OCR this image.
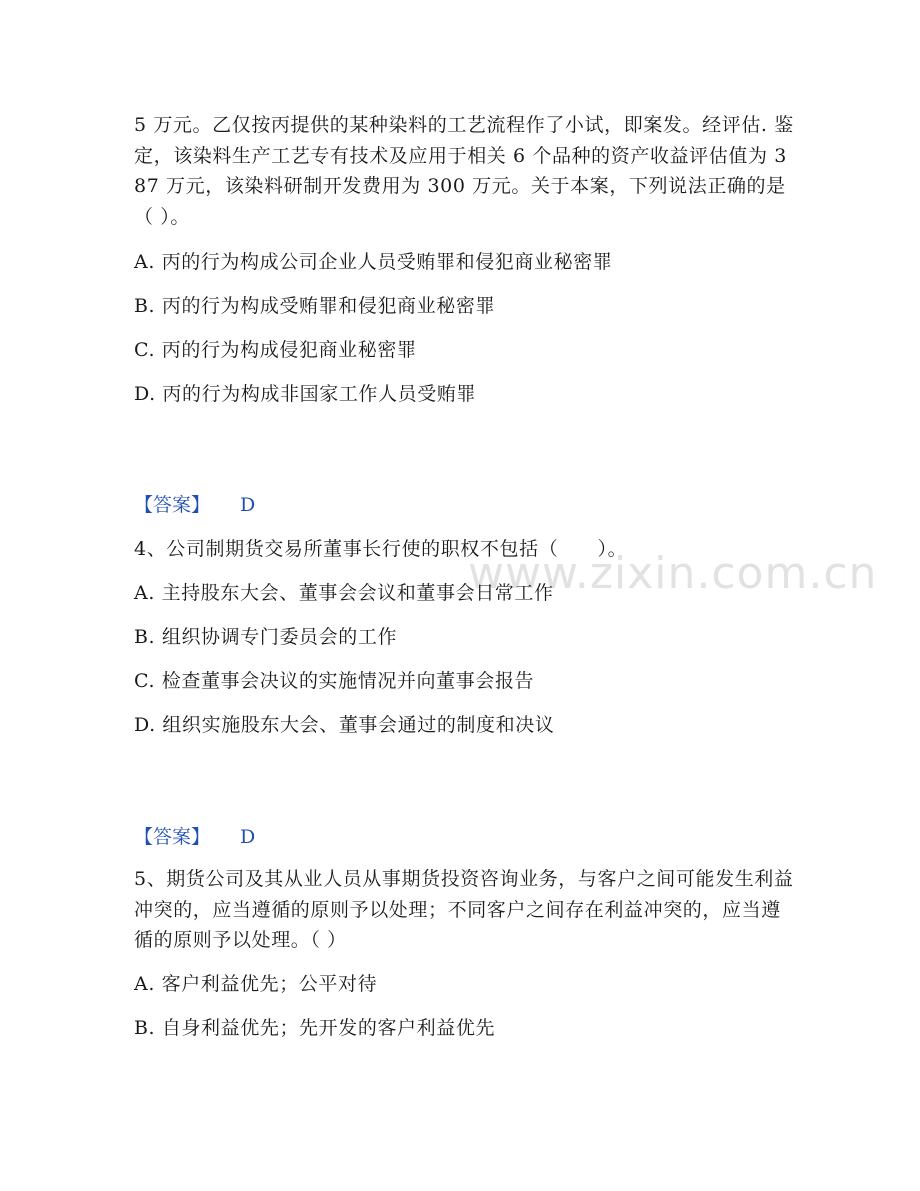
www.zixin.com.cn
5 万元。乙仅按丙提供的某种染料的工艺流程作了小试，即案发。经评估. 鉴定，该染料生产工艺专有技术及应用于相关 6 个品种的资产收益评估值为 387 万元，该染料研制开发费用为 300 万元。关于本案，下列说法正确的是（ ）。
A. 丙的行为构成公司企业人员受贿罪和侵犯商业秘密罪
B. 丙的行为构成受贿罪和侵犯商业秘密罪
C. 丙的行为构成侵犯商业秘密罪
D. 丙的行为构成非国家工作人员受贿罪
【答案】 D
4、公司制期货交易所董事长行使的职权不包括（　　）。
A. 主持股东大会、董事会会议和董事会日常工作
B. 组织协调专门委员会的工作
C. 检查董事会决议的实施情况并向董事会报告
D. 组织实施股东大会、董事会通过的制度和决议
【答案】 D
5、期货公司及其从业人员从事期货投资咨询业务，与客户之间可能发生利益冲突的，应当遵循的原则予以处理；不同客户之间存在利益冲突的，应当遵循的原则予以处理。（ ）
A. 客户利益优先；公平对待
B. 自身利益优先；先开发的客户利益优先
